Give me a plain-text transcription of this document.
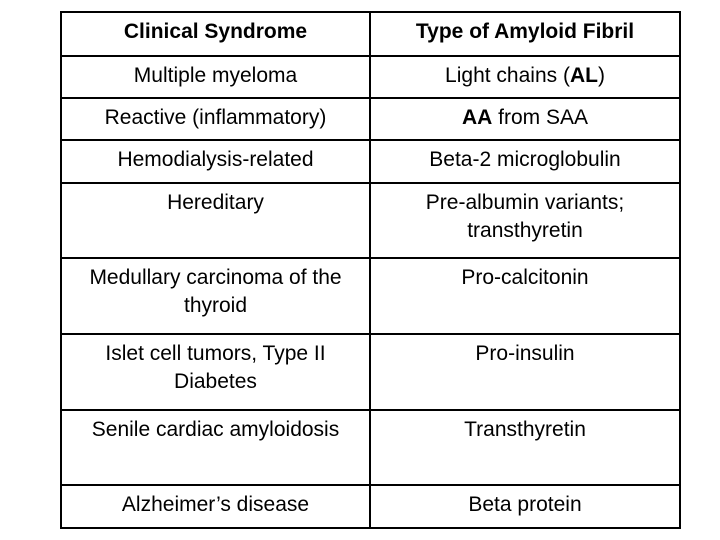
Clinical Syndrome	Type of Amyloid Fibril
Multiple myeloma	Light chains (AL)
Reactive (inflammatory)	AA from SAA
Hemodialysis-related	Beta-2 microglobulin
Hereditary	Pre-albumin variants; transthyretin
Medullary carcinoma of the thyroid	Pro-calcitonin
Islet cell tumors, Type II Diabetes	Pro-insulin
Senile cardiac amyloidosis	Transthyretin
Alzheimer’s disease	Beta protein
